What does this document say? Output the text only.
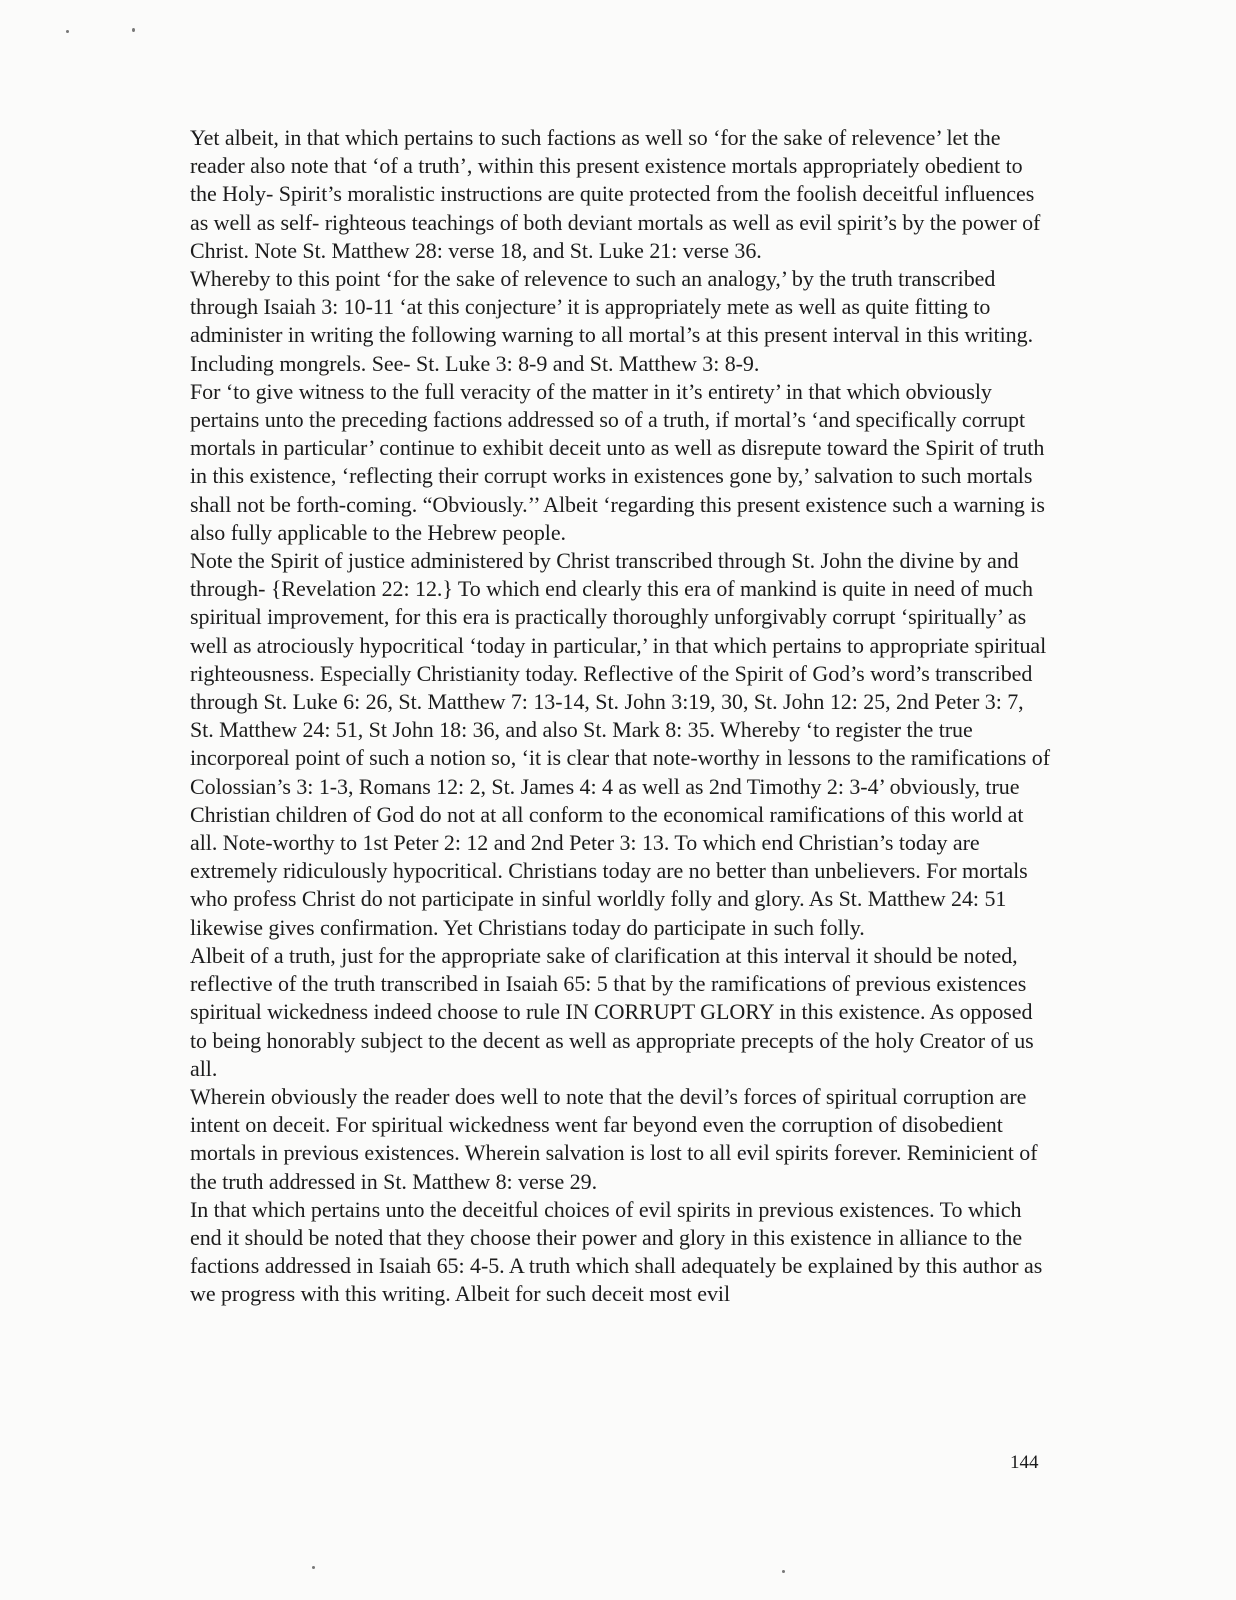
Yet albeit, in that which pertains to such factions as well so ‘for the sake of relevence’ let the reader also note that ‘of a truth’, within this present existence mortals appropriately obedient to the Holy- Spirit’s moralistic instructions are quite protected from the foolish deceitful influences as well as self- righteous teachings of both deviant mortals as well as evil spirit’s by the power of Christ. Note St. Matthew 28: verse 18, and St. Luke 21: verse 36.

Whereby to this point ‘for the sake of relevence to such an analogy,’ by the truth transcribed through Isaiah 3: 10-11 ‘at this conjecture’ it is appropriately mete as well as quite fitting to administer in writing the following warning to all mortal’s at this present interval in this writing. Including mongrels. See- St. Luke 3: 8-9 and St. Matthew 3: 8-9.

For ‘to give witness to the full veracity of the matter in it’s entirety’ in that which obviously pertains unto the preceding factions addressed so of a truth, if mortal’s ‘and specifically corrupt mortals in particular’ continue to exhibit deceit unto as well as disrepute toward the Spirit of truth in this existence, ‘reflecting their corrupt works in existences gone by,’ salvation to such mortals shall not be forth-coming. “Obviously.’’ Albeit ‘regarding this present existence such a warning is also fully applicable to the Hebrew people.

Note the Spirit of justice administered by Christ transcribed through St. John the divine by and through- {Revelation 22: 12.} To which end clearly this era of mankind is quite in need of much spiritual improvement, for this era is practically thoroughly unforgivably corrupt ‘spiritually’ as well as atrociously hypocritical ‘today in particular,’ in that which pertains to appropriate spiritual righteousness. Especially Christianity today. Reflective of the Spirit of God’s word’s transcribed through St. Luke 6: 26, St. Matthew 7: 13-14, St. John 3:19, 30, St. John 12: 25, 2nd Peter 3: 7, St. Matthew 24: 51, St John 18: 36, and also St. Mark 8: 35. Whereby ‘to register the true incorporeal point of such a notion so, ‘it is clear that note-worthy in lessons to the ramifications of Colossian’s 3: 1-3, Romans 12: 2, St. James 4: 4 as well as 2nd Timothy 2: 3-4’ obviously, true Christian children of God do not at all conform to the economical ramifications of this world at all. Note-worthy to 1st Peter 2: 12 and 2nd Peter 3: 13. To which end Christian’s today are extremely ridiculously hypocritical. Christians today are no better than unbelievers. For mortals who profess Christ do not participate in sinful worldly folly and glory. As St. Matthew 24: 51 likewise gives confirmation. Yet Christians today do participate in such folly.

Albeit of a truth, just for the appropriate sake of clarification at this interval it should be noted, reflective of the truth transcribed in Isaiah 65: 5 that by the ramifications of previous existences spiritual wickedness indeed choose to rule IN CORRUPT GLORY in this existence. As opposed to being honorably subject to the decent as well as appropriate precepts of the holy Creator of us all.

Wherein obviously the reader does well to note that the devil’s forces of spiritual corruption are intent on deceit. For spiritual wickedness went far beyond even the corruption of disobedient mortals in previous existences. Wherein salvation is lost to all evil spirits forever. Reminicient of the truth addressed in St. Matthew 8: verse 29.

In that which pertains unto the deceitful choices of evil spirits in previous existences. To which end it should be noted that they choose their power and glory in this existence in alliance to the factions addressed in Isaiah 65: 4-5. A truth which shall adequately be explained by this author as we progress with this writing. Albeit for such deceit most evil

144
